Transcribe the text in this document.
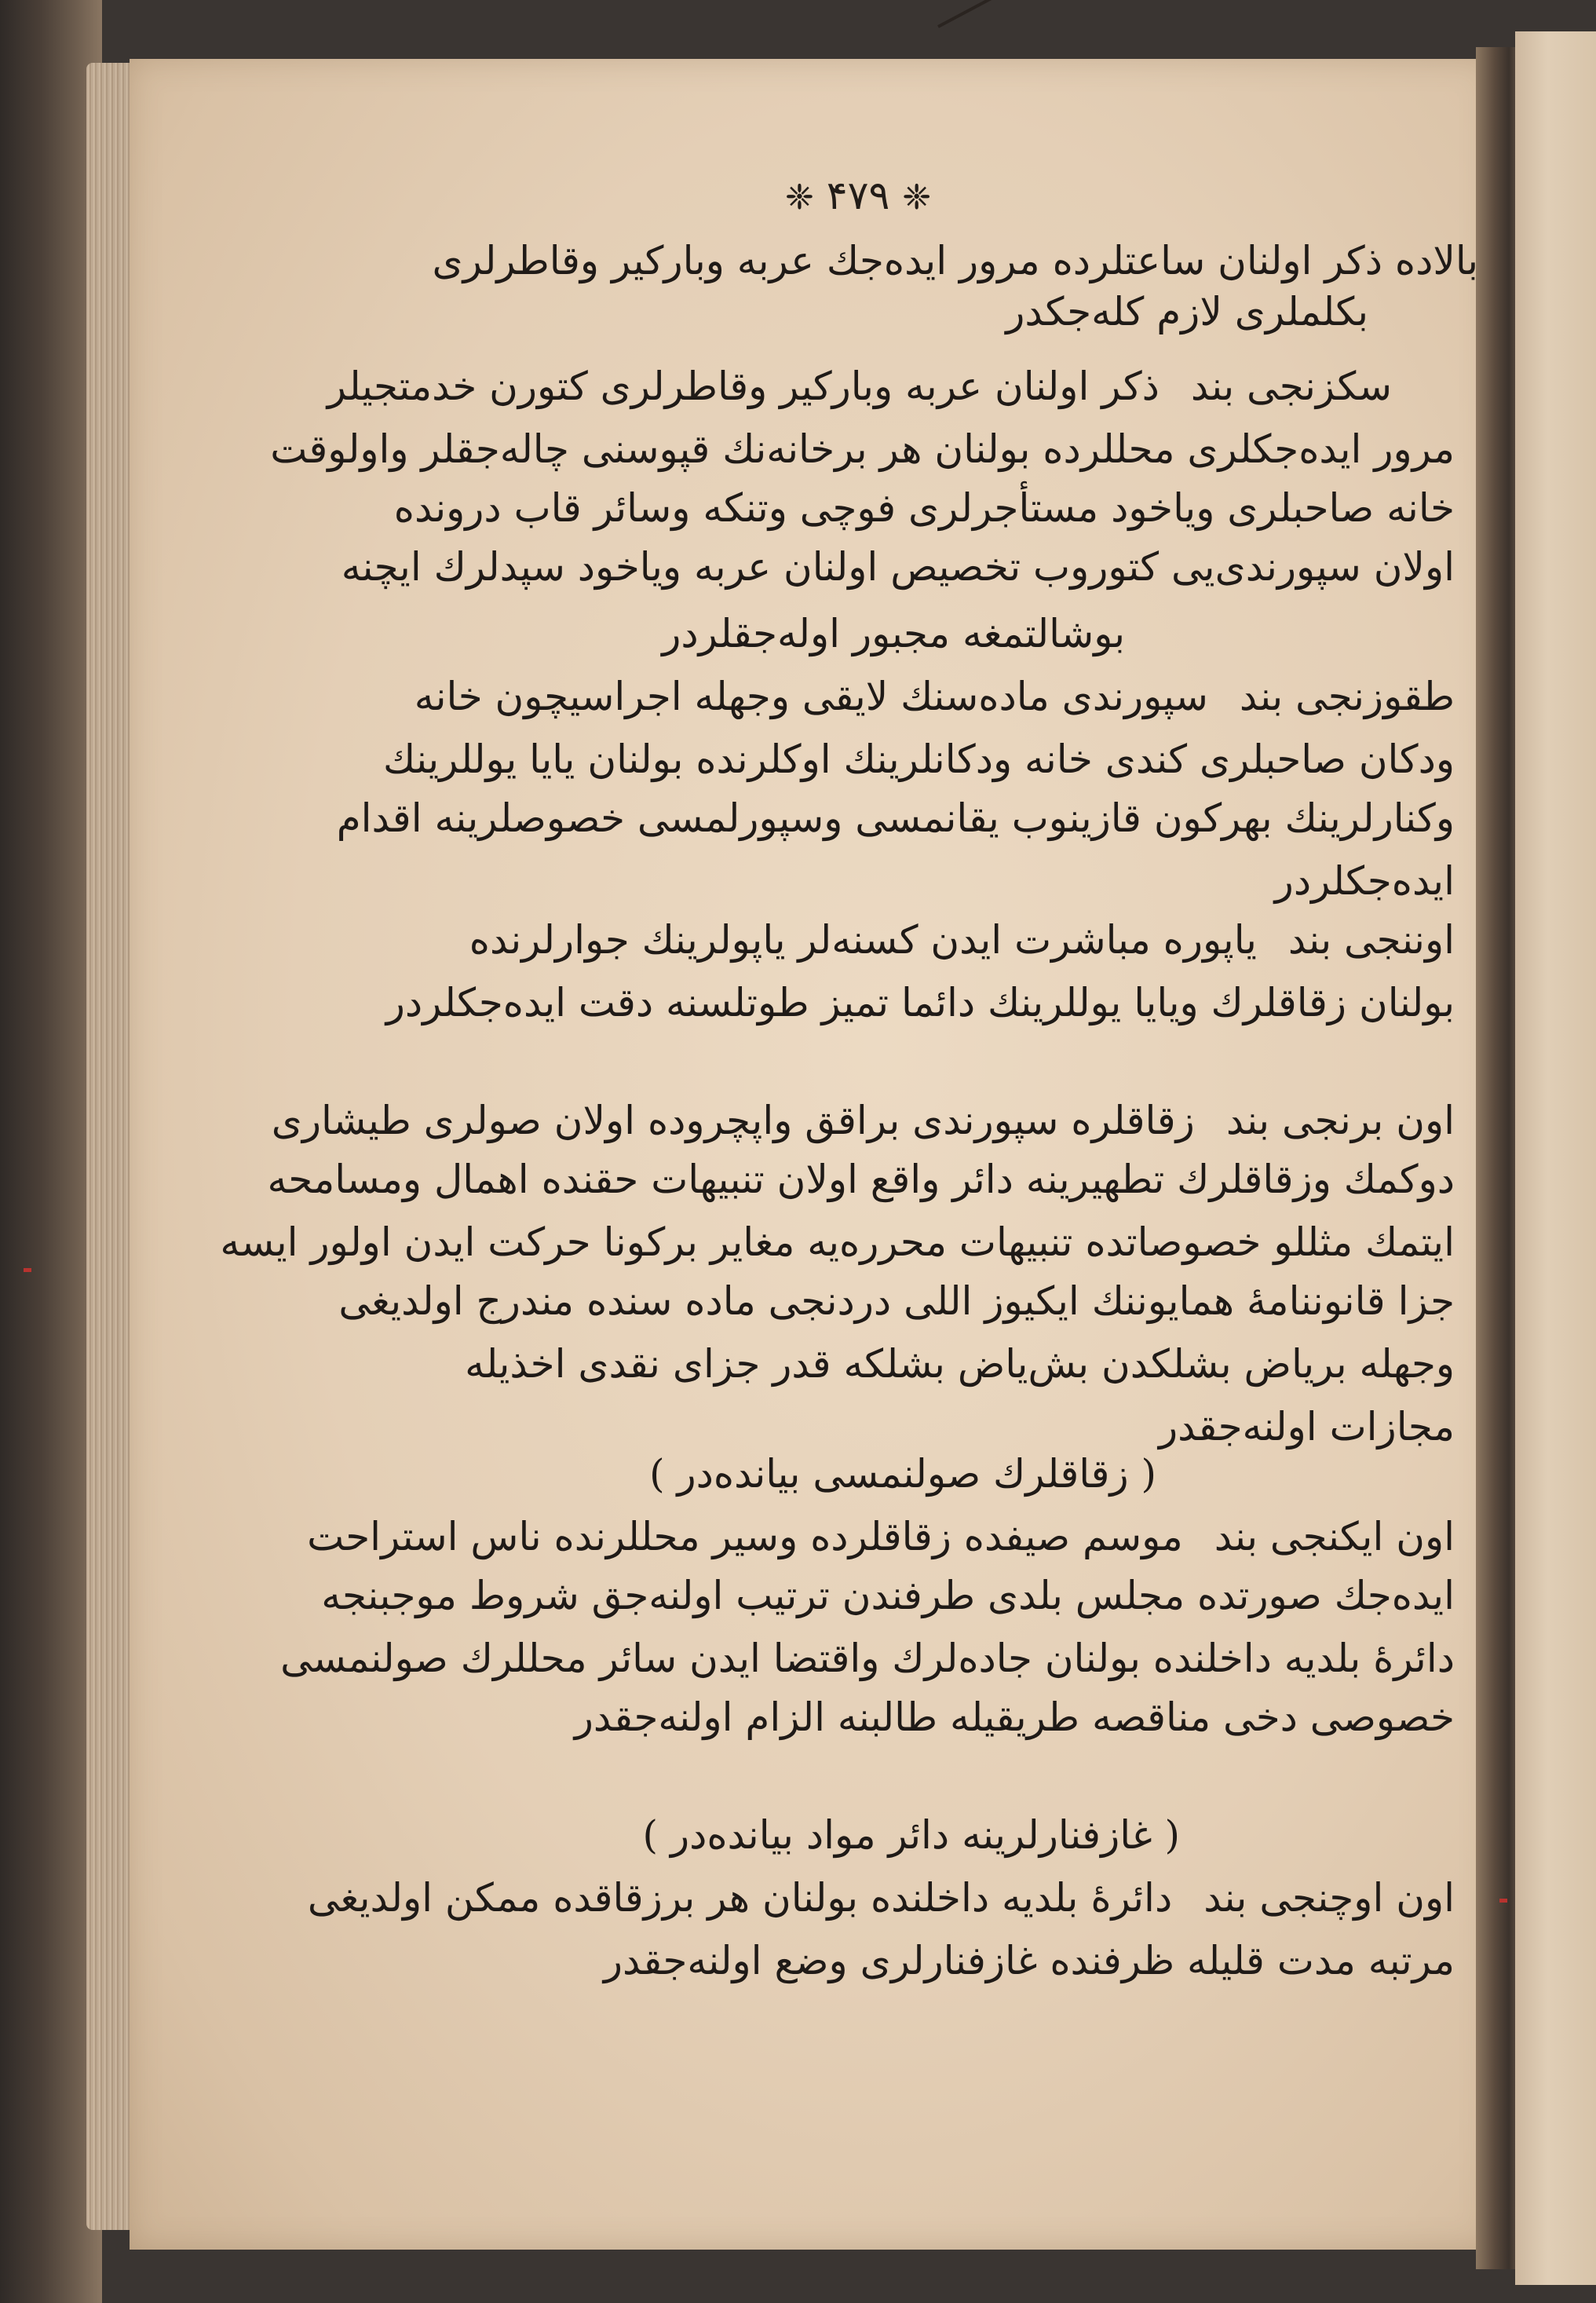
❈ ۴۷۹ ❈
بالاده ذکر اولنان ساعتلرده مرور ایده‌جك عربه وبارکیر وقاطرلری
بکلملری لازم کله‌جکدر
سکزنجی بندذکر اولنان عربه وبارکیر وقاطرلری کتورن خدمتجیلر
مرور ایده‌جکلری محللرده بولنان هر برخانه‌نك قپوسنی چاله‌جقلر واولوقت
خانه صاحبلری ویاخود مستأجرلری فوچی وتنکه وسائر قاب درونده
اولان سپورندی‌یی کتوروب تخصیص اولنان عربه ویاخود سپدلرك ایچنه
بوشالتمغه مجبور اوله‌جقلردر
طقوزنجی بندسپورندی ماده‌سنك لایقی وجهله اجراسیچون خانه
ودکان صاحبلری کندی خانه ودکانلرینك اوکلرنده بولنان یایا یوللرینك
وکنارلرینك بهرکون قازینوب یقانمسی وسپورلمسی خصوصلرینه اقدام
ایده‌جکلردر
اوننجی بندیاپوره مباشرت ایدن کسنه‌لر یاپولرینك جوارلرنده
بولنان زقاقلرك ویایا یوللرینك دائما تمیز طوتلسنه دقت ایده‌جکلردر
اون برنجی بندزقاقلره سپورندی براقق واپچروده اولان صولری طیشاری
دوکمك وزقاقلرك تطهیرینه دائر واقع اولان تنبیهات حقنده اهمال ومسامحه
ایتمك مثللو خصوصاتده تنبیهات محرره‌یه مغایر برکونا حرکت ایدن اولور ایسه
جزا قانوننامهٔ همایوننك ایکیوز اللی دردنجی ماده سنده مندرج اولدیغی
وجهله بریاض بشلکدن بش‌یاض بشلکه قدر جزای نقدی اخذیله
مجازات اولنه‌جقدر
( زقاقلرك صولنمسی بیانده‌در )
اون ایکنجی بندموسم صیفده زقاقلرده وسیر محللرنده ناس استراحت
ایده‌جك صورتده مجلس بلدی طرفندن ترتیب اولنه‌جق شروط موجبنجه
دائرهٔ بلدیه داخلنده بولنان جاده‌لرك واقتضا ایدن سائر محللرك صولنمسی
خصوصی دخی مناقصه طریقیله طالبنه الزام اولنه‌جقدر
( غازفنارلرینه دائر مواد بیانده‌در )
اون اوچنجی بنددائرهٔ بلدیه داخلنده بولنان هر برزقاقده ممکن اولدیغی
مرتبه مدت قلیله ظرفنده غازفنارلری وضع اولنه‌جقدر
